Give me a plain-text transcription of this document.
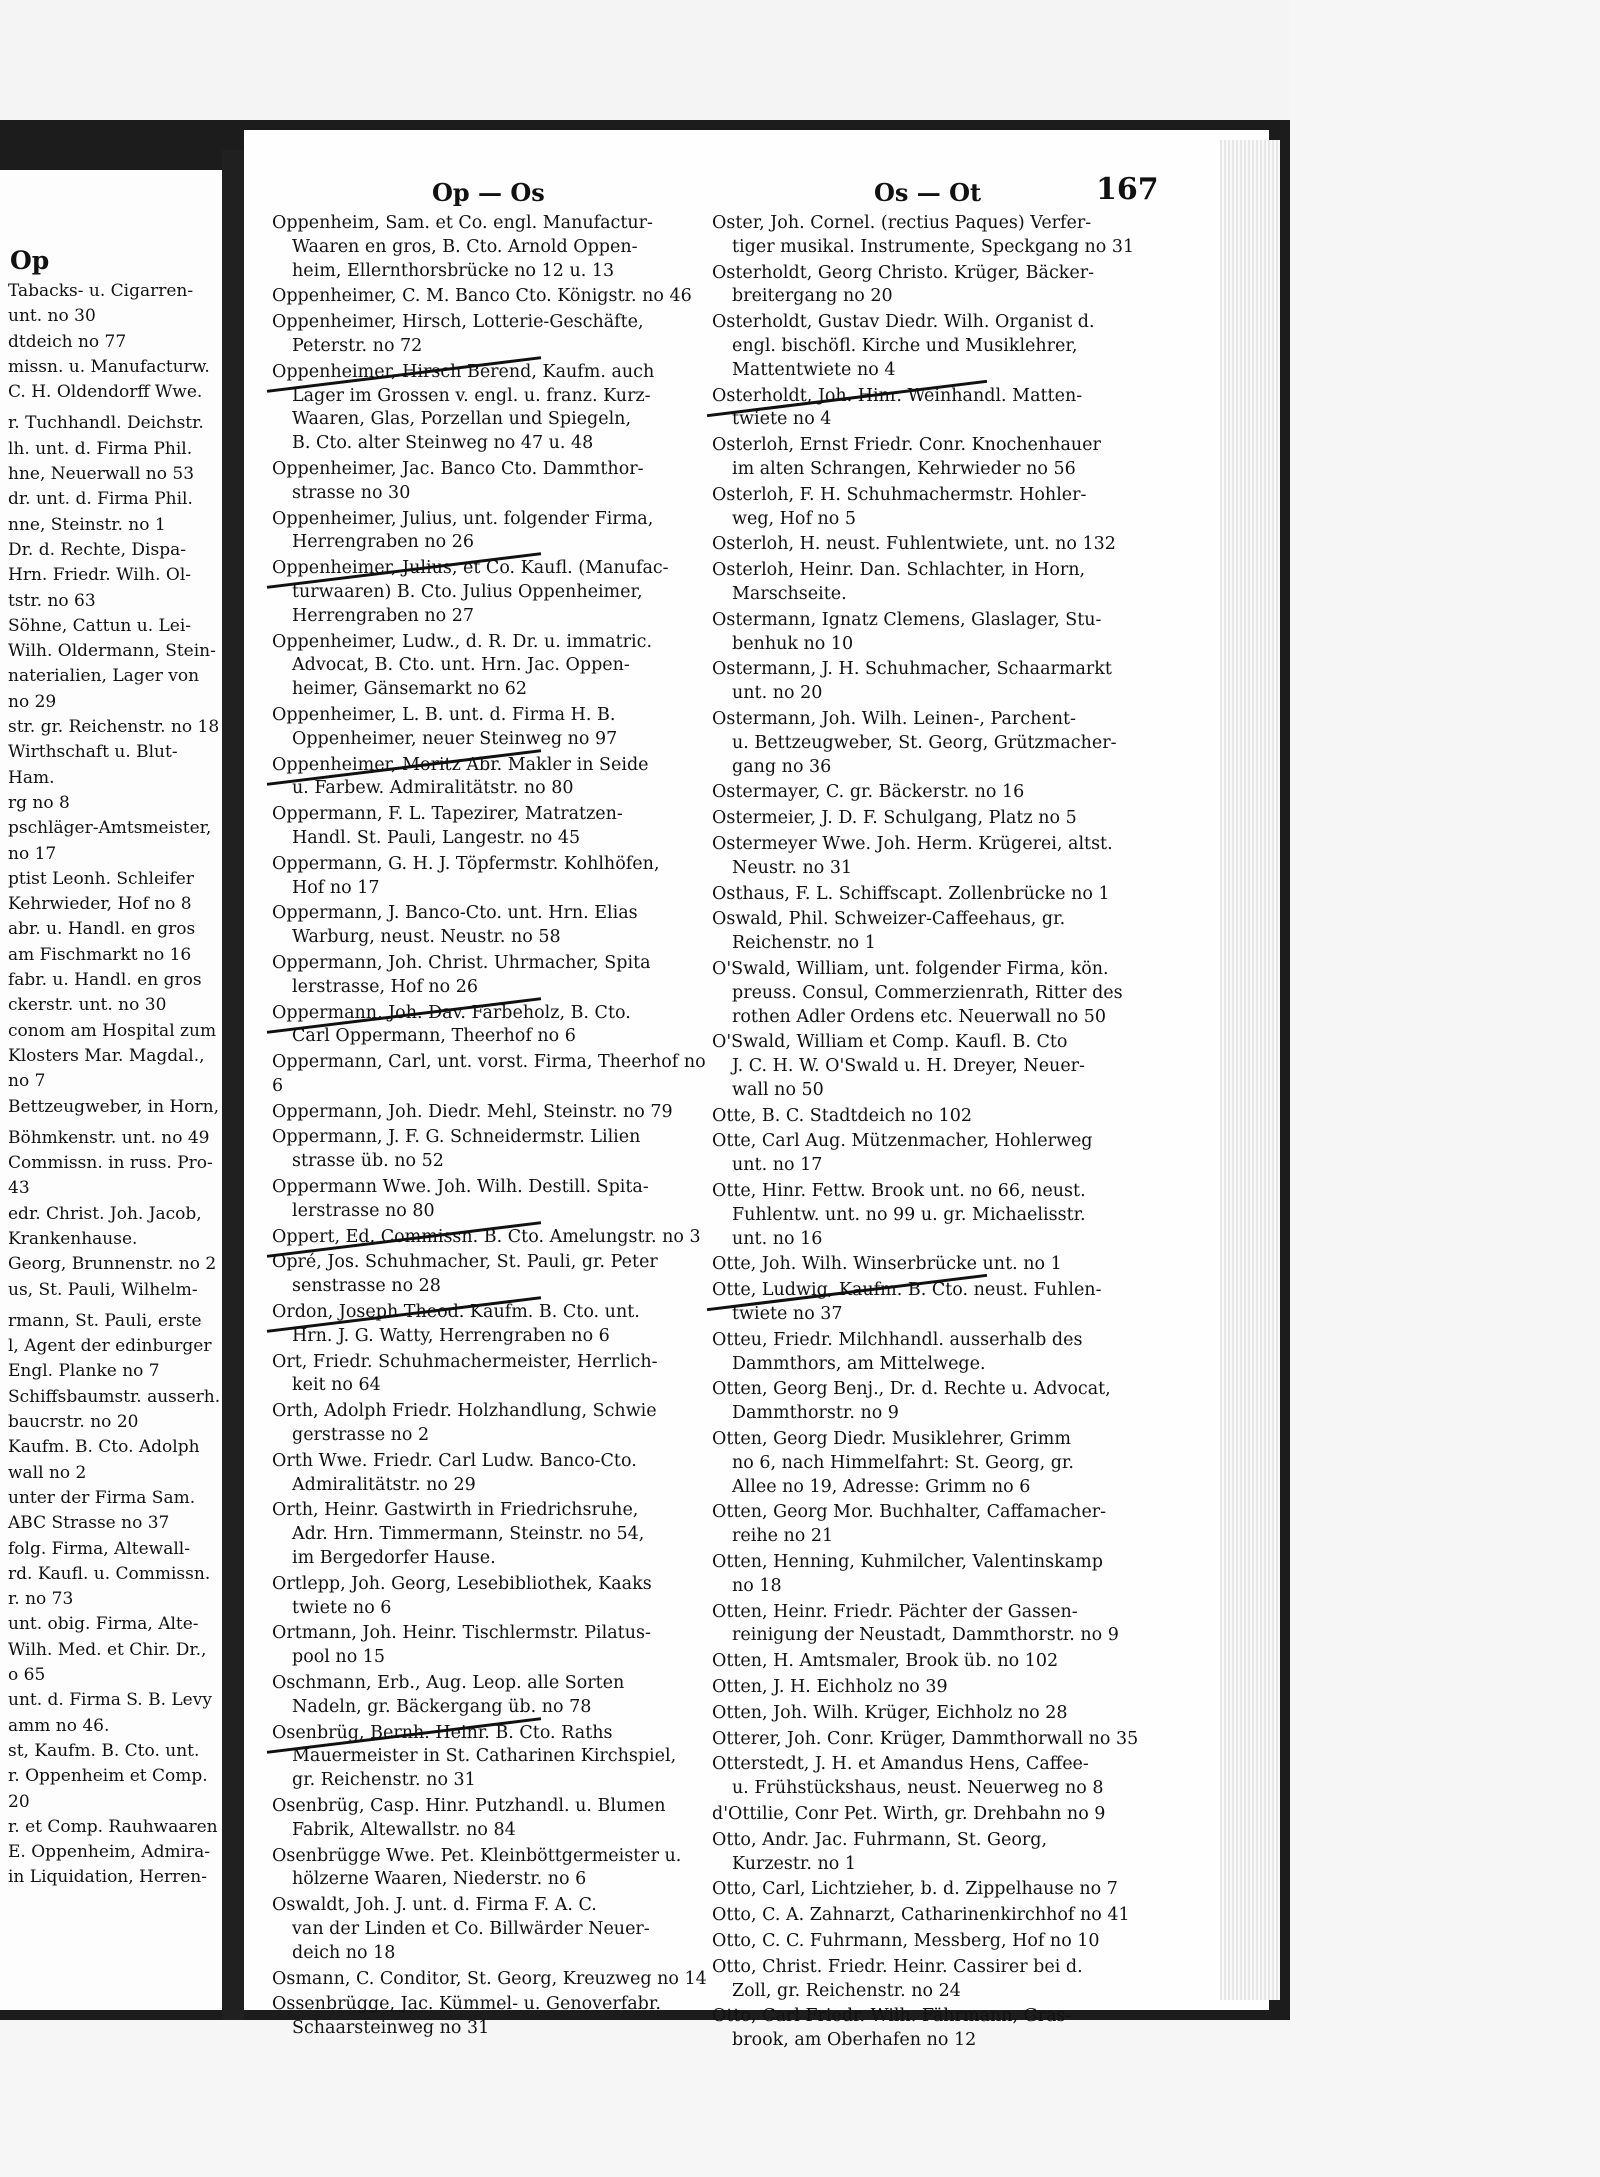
Op
Tabacks- u. Cigarren-
unt. no 30
dtdeich no 77
missn. u. Manufacturw.
C. H. Oldendorff Wwe.
r. Tuchhandl. Deichstr.
lh. unt. d. Firma Phil.
hne, Neuerwall no 53
dr. unt. d. Firma Phil.
nne, Steinstr. no 1
Dr. d. Rechte, Dispa-
Hrn. Friedr. Wilh. Ol-
tstr. no 63
Söhne, Cattun u. Lei-
Wilh. Oldermann, Stein-
naterialien, Lager von
no 29
str. gr. Reichenstr. no 18
Wirthschaft u. Blut-
Ham.
rg no 8
pschläger-Amtsmeister,
no 17
ptist Leonh. Schleifer
Kehrwieder, Hof no 8
abr. u. Handl. en gros
am Fischmarkt no 16
fabr. u. Handl. en gros
ckerstr. unt. no 30
conom am Hospital zum
Klosters Mar. Magdal.,
no 7
Bettzeugweber, in Horn,
Böhmkenstr. unt. no 49
Commissn. in russ. Pro-
43
edr. Christ. Joh. Jacob,
Krankenhause.
Georg, Brunnenstr. no 2
us, St. Pauli, Wilhelm-
rmann, St. Pauli, erste
l, Agent der edinburger
Engl. Planke no 7
Schiffsbaumstr. ausserh.
baucrstr. no 20
Kaufm. B. Cto. Adolph
wall no 2
unter der Firma Sam.
ABC Strasse no 37
folg. Firma, Altewall-
rd. Kaufl. u. Commissn.
r. no 73
unt. obig. Firma, Alte-
Wilh. Med. et Chir. Dr.,
o 65
unt. d. Firma S. B. Levy
amm no 46.
st, Kaufm. B. Cto. unt.
r. Oppenheim et Comp.
20
r. et Comp. Rauhwaaren
E. Oppenheim, Admira-
in Liquidation, Herren-
Op — Os	Os — Ot	167
Oppenheim, Sam. et Co. engl. Manufactur-
Waaren en gros, B. Cto. Arnold Oppen-
heim, Ellernthorsbrücke no 12 u. 13
Oppenheimer, C. M. Banco Cto. Königstr. no 46
Oppenheimer, Hirsch, Lotterie-Geschäfte,
Peterstr. no 72
Oppenheimer, Hirsch Berend, Kaufm. auch
Lager im Grossen v. engl. u. franz. Kurz-
Waaren, Glas, Porzellan und Spiegeln,
B. Cto. alter Steinweg no 47 u. 48
Oppenheimer, Jac. Banco Cto. Dammthor-
strasse no 30
Oppenheimer, Julius, unt. folgender Firma,
Herrengraben no 26
Oppenheimer, Julius, et Co. Kaufl. (Manufac-
turwaaren) B. Cto. Julius Oppenheimer,
Herrengraben no 27
Oppenheimer, Ludw., d. R. Dr. u. immatric.
Advocat, B. Cto. unt. Hrn. Jac. Oppen-
heimer, Gänsemarkt no 62
Oppenheimer, L. B. unt. d. Firma H. B.
Oppenheimer, neuer Steinweg no 97
Oppenheimer, Moritz Abr. Makler in Seide
u. Farbew. Admiralitätstr. no 80
Oppermann, F. L. Tapezirer, Matratzen-
Handl. St. Pauli, Langestr. no 45
Oppermann, G. H. J. Töpfermstr. Kohlhöfen,
Hof no 17
Oppermann, J. Banco-Cto. unt. Hrn. Elias
Warburg, neust. Neustr. no 58
Oppermann, Joh. Christ. Uhrmacher, Spita
lerstrasse, Hof no 26
Oppermann, Joh. Dav. Farbeholz, B. Cto.
Carl Oppermann, Theerhof no 6
Oppermann, Carl, unt. vorst. Firma, Theerhof no 6
Oppermann, Joh. Diedr. Mehl, Steinstr. no 79
Oppermann, J. F. G. Schneidermstr. Lilien
strasse üb. no 52
Oppermann Wwe. Joh. Wilh. Destill. Spita-
lerstrasse no 80
Oppert, Ed. Commissn. B. Cto. Amelungstr. no 3
Opré, Jos. Schuhmacher, St. Pauli, gr. Peter
senstrasse no 28
Ordon, Joseph Theod. Kaufm. B. Cto. unt.
Hrn. J. G. Watty, Herrengraben no 6
Ort, Friedr. Schuhmachermeister, Herrlich-
keit no 64
Orth, Adolph Friedr. Holzhandlung, Schwie
gerstrasse no 2
Orth Wwe. Friedr. Carl Ludw. Banco-Cto.
Admiralitätstr. no 29
Orth, Heinr. Gastwirth in Friedrichsruhe,
Adr. Hrn. Timmermann, Steinstr. no 54,
im Bergedorfer Hause.
Ortlepp, Joh. Georg, Lesebibliothek, Kaaks
twiete no 6
Ortmann, Joh. Heinr. Tischlermstr. Pilatus-
pool no 15
Oschmann, Erb., Aug. Leop. alle Sorten
Nadeln, gr. Bäckergang üb. no 78
Osenbrüg, Bernh. Heinr. B. Cto. Raths
Mauermeister in St. Catharinen Kirchspiel,
gr. Reichenstr. no 31
Osenbrüg, Casp. Hinr. Putzhandl. u. Blumen
Fabrik, Altewallstr. no 84
Osenbrügge Wwe. Pet. Kleinböttgermeister u.
hölzerne Waaren, Niederstr. no 6
Oswaldt, Joh. J. unt. d. Firma F. A. C.
van der Linden et Co. Billwärder Neuer-
deich no 18
Osmann, C. Conditor, St. Georg, Kreuzweg no 14
Ossenbrügge, Jac. Kümmel- u. Genoverfabr.
Schaarsteinweg no 31
Oster, Joh. Cornel. (rectius Paques) Verfer-
tiger musikal. Instrumente, Speckgang no 31
Osterholdt, Georg Christo. Krüger, Bäcker-
breitergang no 20
Osterholdt, Gustav Diedr. Wilh. Organist d.
engl. bischöfl. Kirche und Musiklehrer,
Mattentwiete no 4
Osterholdt, Joh. Hinr. Weinhandl. Matten-
twiete no 4
Osterloh, Ernst Friedr. Conr. Knochenhauer
im alten Schrangen, Kehrwieder no 56
Osterloh, F. H. Schuhmachermstr. Hohler-
weg, Hof no 5
Osterloh, H. neust. Fuhlentwiete, unt. no 132
Osterloh, Heinr. Dan. Schlachter, in Horn,
Marschseite.
Ostermann, Ignatz Clemens, Glaslager, Stu-
benhuk no 10
Ostermann, J. H. Schuhmacher, Schaarmarkt
unt. no 20
Ostermann, Joh. Wilh. Leinen-, Parchent-
u. Bettzeugweber, St. Georg, Grützmacher-
gang no 36
Ostermayer, C. gr. Bäckerstr. no 16
Ostermeier, J. D. F. Schulgang, Platz no 5
Ostermeyer Wwe. Joh. Herm. Krügerei, altst.
Neustr. no 31
Osthaus, F. L. Schiffscapt. Zollenbrücke no 1
Oswald, Phil. Schweizer-Caffeehaus, gr.
Reichenstr. no 1
O'Swald, William, unt. folgender Firma, kön.
preuss. Consul, Commerzienrath, Ritter des
rothen Adler Ordens etc. Neuerwall no 50
O'Swald, William et Comp. Kaufl. B. Cto
J. C. H. W. O'Swald u. H. Dreyer, Neuer-
wall no 50
Otte, B. C. Stadtdeich no 102
Otte, Carl Aug. Mützenmacher, Hohlerweg
unt. no 17
Otte, Hinr. Fettw. Brook unt. no 66, neust.
Fuhlentw. unt. no 99 u. gr. Michaelisstr.
unt. no 16
Otte, Joh. Wilh. Winserbrücke unt. no 1
Otte, Ludwig, Kaufm. B. Cto. neust. Fuhlen-
twiete no 37
Otteu, Friedr. Milchhandl. ausserhalb des
Dammthors, am Mittelwege.
Otten, Georg Benj., Dr. d. Rechte u. Advocat,
Dammthorstr. no 9
Otten, Georg Diedr. Musiklehrer, Grimm
no 6, nach Himmelfahrt: St. Georg, gr.
Allee no 19, Adresse: Grimm no 6
Otten, Georg Mor. Buchhalter, Caffamacher-
reihe no 21
Otten, Henning, Kuhmilcher, Valentinskamp
no 18
Otten, Heinr. Friedr. Pächter der Gassen-
reinigung der Neustadt, Dammthorstr. no 9
Otten, H. Amtsmaler, Brook üb. no 102
Otten, J. H. Eichholz no 39
Otten, Joh. Wilh. Krüger, Eichholz no 28
Otterer, Joh. Conr. Krüger, Dammthorwall no 35
Otterstedt, J. H. et Amandus Hens, Caffee-
u. Frühstückshaus, neust. Neuerweg no 8
d'Ottilie, Conr Pet. Wirth, gr. Drehbahn no 9
Otto, Andr. Jac. Fuhrmann, St. Georg,
Kurzestr. no 1
Otto, Carl, Lichtzieher, b. d. Zippelhause no 7
Otto, C. A. Zahnarzt, Catharinenkirchhof no 41
Otto, C. C. Fuhrmann, Messberg, Hof no 10
Otto, Christ. Friedr. Heinr. Cassirer bei d.
Zoll, gr. Reichenstr. no 24
Otto, Carl Friedr. Wilh. Fährmann, Gras-
brook, am Oberhafen no 12
